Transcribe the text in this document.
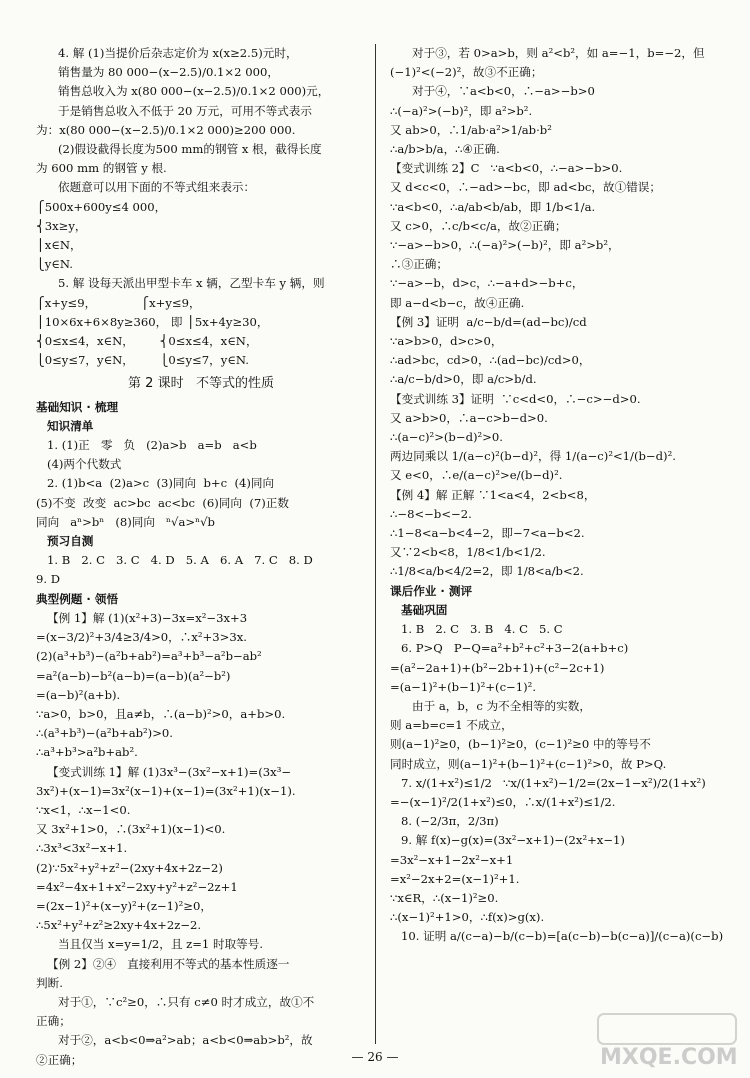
4. 解 (1)当提价后杂志定价为 x(x≥2.5)元时，
销售量为 80 000−(x−2.5)/0.1×2 000，
销售总收入为 x(80 000−(x−2.5)/0.1×2 000)元，
于是销售总收入不低于 20 万元，可用不等式表示
为：x(80 000−(x−2.5)/0.1×2 000)≥200 000.
(2)假设截得长度为500 mm的钢管 x 根，截得长度
为 600 mm 的钢管 y 根.
依题意可以用下面的不等式组来表示：
⎧500x+600y≤4 000，
⎨3x≥y，
⎪x∈N，
⎩y∈N.
5. 解 设每天派出甲型卡车 x 辆，乙型卡车 y 辆，则
⎧x+y≤9，            ⎧x+y≤9，
⎪10×6x+6×8y≥360， 即 ⎪5x+4y≥30，
⎨0≤x≤4，x∈N，       ⎨0≤x≤4，x∈N，
⎩0≤y≤7，y∈N，       ⎩0≤y≤7，y∈N.
第 2 课时   不等式的性质
基础知识 · 梳理
知识清单
1. (1)正   零   负   (2)a>b   a=b   a<b
(4)两个代数式
2. (1)b<a  (2)a>c  (3)同向  b+c  (4)同向
(5)不变  改变  ac>bc  ac<bc  (6)同向  (7)正数
同向   aⁿ>bⁿ   (8)同向   ⁿ√a>ⁿ√b
预习自测
1. B   2. C   3. C   4. D   5. A   6. A   7. C   8. D
9. D
典型例题 · 领悟
【例 1】解 (1)(x²+3)−3x=x²−3x+3
=(x−3/2)²+3/4≥3/4>0，∴x²+3>3x.
(2)(a³+b³)−(a²b+ab²)=a³+b³−a²b−ab²
=a²(a−b)−b²(a−b)=(a−b)(a²−b²)
=(a−b)²(a+b).
∵a>0，b>0，且a≠b，∴(a−b)²>0，a+b>0.
∴(a³+b³)−(a²b+ab²)>0.
∴a³+b³>a²b+ab².
【变式训练 1】解 (1)3x³−(3x²−x+1)=(3x³−
3x²)+(x−1)=3x²(x−1)+(x−1)=(3x²+1)(x−1).
∵x<1，∴x−1<0.
又 3x²+1>0，∴(3x²+1)(x−1)<0.
∴3x³<3x²−x+1.
(2)∵5x²+y²+z²−(2xy+4x+2z−2)
=4x²−4x+1+x²−2xy+y²+z²−2z+1
=(2x−1)²+(x−y)²+(z−1)²≥0，
∴5x²+y²+z²≥2xy+4x+2z−2.
当且仅当 x=y=1/2，且 z=1 时取等号.
【例 2】②④   直接利用不等式的基本性质逐一
判断.
对于①，∵c²≥0，∴只有 c≠0 时才成立，故①不
正确；
对于②，a<b<0⇒a²>ab；a<b<0⇒ab>b²，故
②正确；
对于③，若 0>a>b，则 a²<b²，如 a=−1，b=−2，但
(−1)²<(−2)²，故③不正确；
对于④，∵a<b<0，∴−a>−b>0
∴(−a)²>(−b)²，即 a²>b².
又 ab>0，∴1/ab·a²>1/ab·b²
∴a/b>b/a，∴④正确.
【变式训练 2】C   ∵a<b<0，∴−a>−b>0.
又 d<c<0，∴−ad>−bc，即 ad<bc，故①错误；
∵a<b<0，∴a/ab<b/ab，即 1/b<1/a.
又 c>0，∴c/b<c/a，故②正确；
∵−a>−b>0，∴(−a)²>(−b)²，即 a²>b²，
∴③正确；
∵−a>−b，d>c，∴−a+d>−b+c，
即 a−d<b−c，故④正确.
【例 3】证明  a/c−b/d=(ad−bc)/cd
∵a>b>0，d>c>0，
∴ad>bc，cd>0，∴(ad−bc)/cd>0，
∴a/c−b/d>0，即 a/c>b/d.
【变式训练 3】证明  ∵c<d<0，∴−c>−d>0.
又 a>b>0，∴a−c>b−d>0.
∴(a−c)²>(b−d)²>0.
两边同乘以 1/(a−c)²(b−d)²，得 1/(a−c)²<1/(b−d)².
又 e<0，∴e/(a−c)²>e/(b−d)².
【例 4】解 正解 ∵1<a<4，2<b<8，
∴−8<−b<−2.
∴1−8<a−b<4−2，即−7<a−b<2.
又∵2<b<8，1/8<1/b<1/2.
∴1/8<a/b<4/2=2，即 1/8<a/b<2.
课后作业 · 测评
基础巩固
1. B   2. C   3. B   4. C   5. C
6. P>Q   P−Q=a²+b²+c²+3−2(a+b+c)
=(a²−2a+1)+(b²−2b+1)+(c²−2c+1)
=(a−1)²+(b−1)²+(c−1)².
由于 a，b，c 为不全相等的实数，
则 a=b=c=1 不成立，
则(a−1)²≥0，(b−1)²≥0，(c−1)²≥0 中的等号不
同时成立，则(a−1)²+(b−1)²+(c−1)²>0，故 P>Q.
7. x/(1+x²)≤1/2   ∵x/(1+x²)−1/2=(2x−1−x²)/2(1+x²)
=−(x−1)²/2(1+x²)≤0，∴x/(1+x²)≤1/2.
8. (−2/3π，2/3π)
9. 解 f(x)−g(x)=(3x²−x+1)−(2x²+x−1)
=3x²−x+1−2x²−x+1
=x²−2x+2=(x−1)²+1.
∵x∈R，∴(x−1)²≥0.
∴(x−1)²+1>0，∴f(x)>g(x).
10. 证明 a/(c−a)−b/(c−b)=[a(c−b)−b(c−a)]/(c−a)(c−b)
— 26 —	MXQE.COM
